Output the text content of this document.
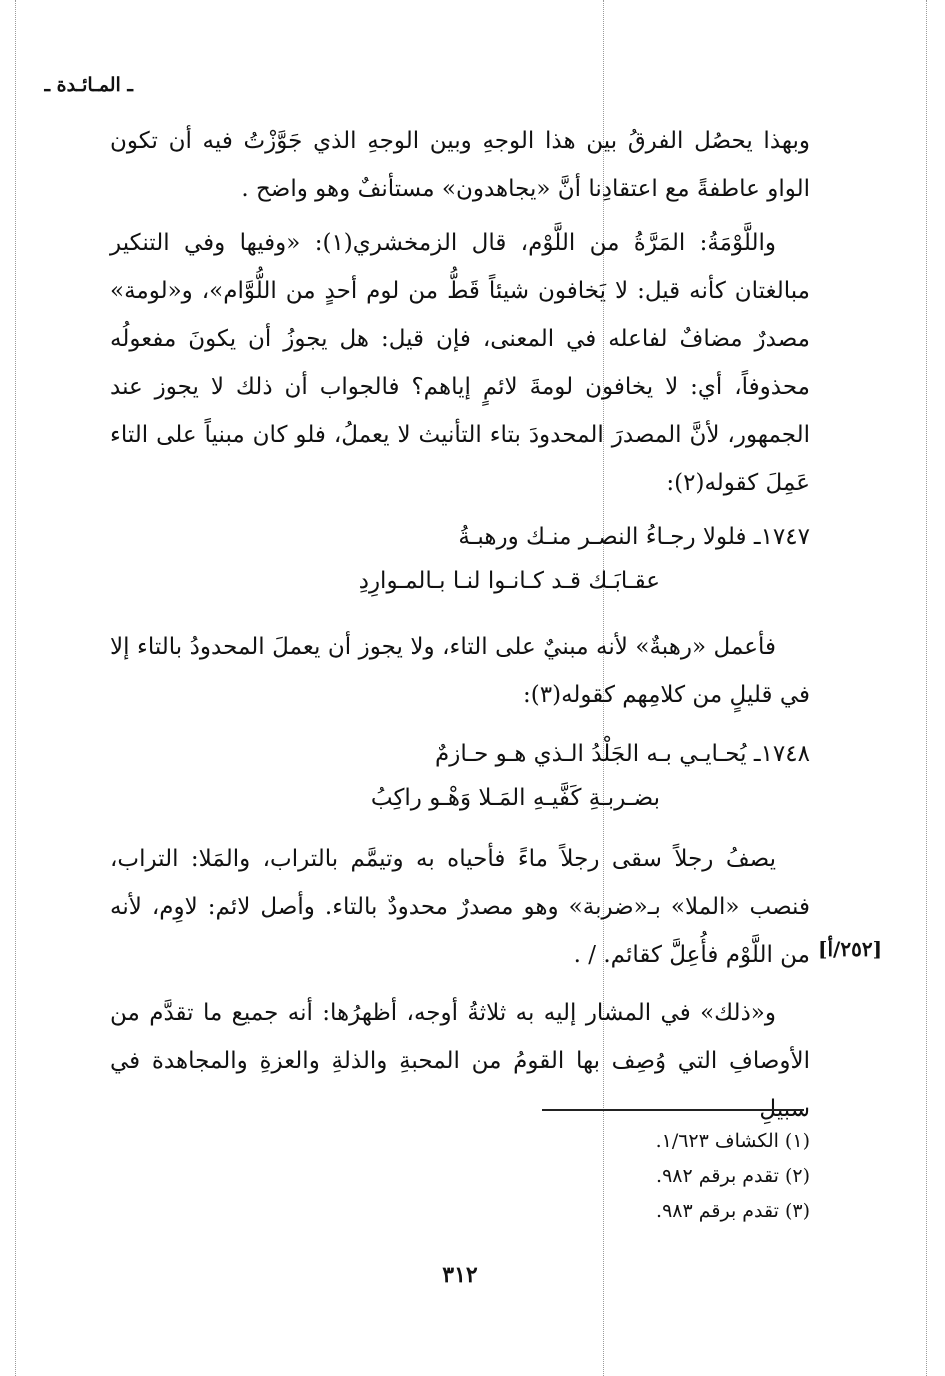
ـ المـائـدة ـ

وبهذا يحصُل الفرقُ بين هذا الوجهِ وبين الوجهِ الذي جَوَّزْتُ فيه أن تكون الواو عاطفةً مع اعتقادِنا أنَّ «يجاهدون» مستأنفٌ وهو واضح .

واللَّوْمَةُ: المَرَّةُ من اللَّوْم، قال الزمخشري(١): «وفيها وفي التنكير مبالغتان كأنه قيل: لا يَخافون شيئاً قَطُّ من لوم أحدٍ من اللُّوَّام»، و«لومة» مصدرٌ مضافٌ لفاعله في المعنى، فإن قيل: هل يجوزُ أن يكونَ مفعولُه محذوفاً، أي: لا يخافون لومةَ لائمٍ إياهم؟ فالجواب أن ذلك لا يجوز عند الجمهور، لأنَّ المصدرَ المحدودَ بتاء التأنيث لا يعملُ، فلو كان مبنياً على التاء عَمِلَ كقوله(٢):

١٧٤٧ـ فلولا رجـاءُ النصـر منـك ورهبـةُ
عقـابَـك قـد كـانـوا لنـا بـالمـوارِدِ

فأعمل «رهبةٌ» لأنه مبنيٌ على التاء، ولا يجوز أن يعملَ المحدودُ بالتاء إلا في قليلٍ من كلامِهم كقوله(٣):

١٧٤٨ـ يُحـايـي بـه الجَلْدُ الـذي هـو حـازمٌ
بضـربـةِ كَفَّيـهِ المَـلا وَهْـو راكِبُ

يصفُ رجلاً سقى رجلاً ماءً فأحياه به وتيمَّم بالتراب، والمَلا: التراب، فنصب «الملا» بـ«ضربة» وهو مصدرٌ محدودٌ بالتاء. وأصل لائم: لاوِم، لأنه من اللَّوْم فأُعِلَّ كقائم. / . [٢٥٢/أ]

و«ذلك» في المشار إليه به ثلاثةُ أوجه، أظهرُها: أنه جميع ما تقدَّم من الأوصافِ التي وُصِف بها القومُ من المحبةِ والذلةِ والعزةِ والمجاهدة في سبيلِ

(١) الكشاف ١/٦٢٣.
(٢) تقدم برقم ٩٨٢.
(٣) تقدم برقم ٩٨٣.
٣١٢
